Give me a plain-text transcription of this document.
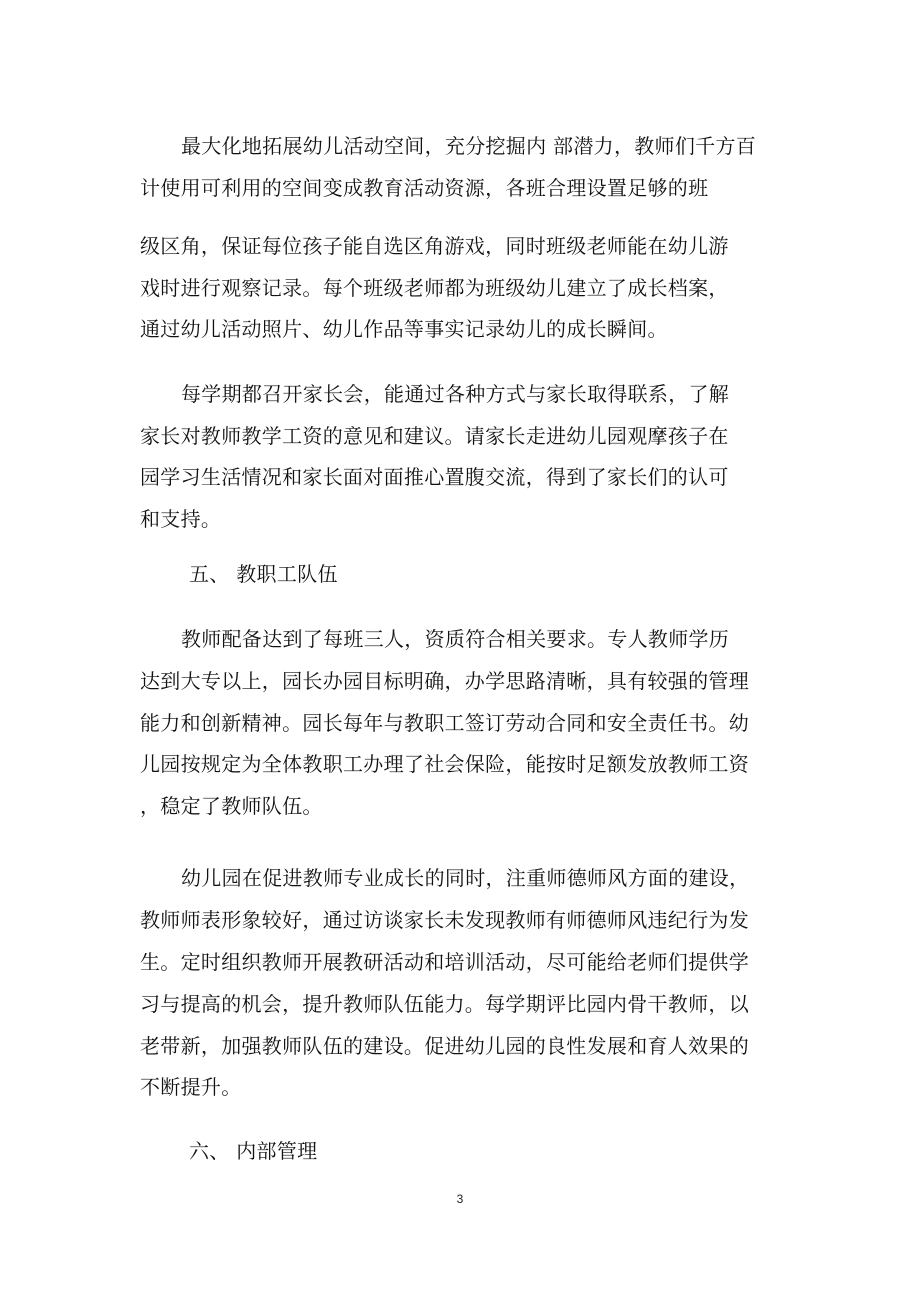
最大化地拓展幼儿活动空间，充分挖掘内 部潜力，教师们千方百
计使用可利用的空间变成教育活动资源，各班合理设置足够的班
级区角，保证每位孩子能自选区角游戏，同时班级老师能在幼儿游
戏时进行观察记录。每个班级老师都为班级幼儿建立了成长档案，
通过幼儿活动照片、幼儿作品等事实记录幼儿的成长瞬间。
每学期都召开家长会，能通过各种方式与家长取得联系，了解
家长对教师教学工资的意见和建议。请家长走进幼儿园观摩孩子在
园学习生活情况和家长面对面推心置腹交流，得到了家长们的认可
和支持。
五、 教职工队伍
教师配备达到了每班三人，资质符合相关要求。专人教师学历
达到大专以上，园长办园目标明确，办学思路清晰，具有较强的管理
能力和创新精神。园长每年与教职工签订劳动合同和安全责任书。幼
儿园按规定为全体教职工办理了社会保险，能按时足额发放教师工资
，稳定了教师队伍。
幼儿园在促进教师专业成长的同时，注重师德师风方面的建设，
教师师表形象较好，通过访谈家长未发现教师有师德师风违纪行为发
生。定时组织教师开展教研活动和培训活动，尽可能给老师们提供学
习与提高的机会，提升教师队伍能力。每学期评比园内骨干教师，以
老带新，加强教师队伍的建设。促进幼儿园的良性发展和育人效果的
不断提升。
六、 内部管理
3
